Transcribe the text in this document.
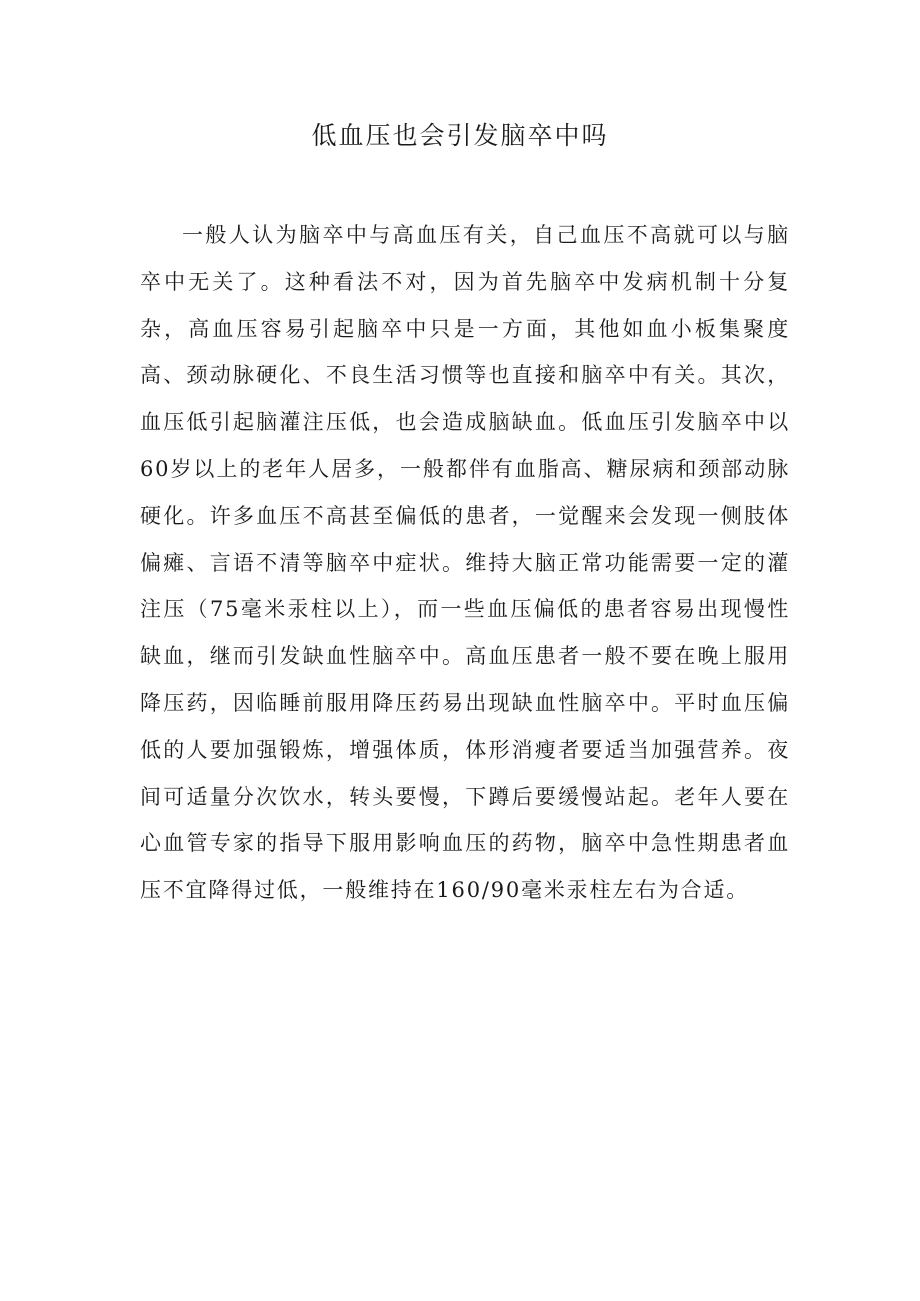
低血压也会引发脑卒中吗

一般人认为脑卒中与高血压有关，自己血压不高就可以与脑卒中无关了。这种看法不对，因为首先脑卒中发病机制十分复杂，高血压容易引起脑卒中只是一方面，其他如血小板集聚度高、颈动脉硬化、不良生活习惯等也直接和脑卒中有关。其次，血压低引起脑灌注压低，也会造成脑缺血。低血压引发脑卒中以60岁以上的老年人居多，一般都伴有血脂高、糖尿病和颈部动脉硬化。许多血压不高甚至偏低的患者，一觉醒来会发现一侧肢体偏瘫、言语不清等脑卒中症状。维持大脑正常功能需要一定的灌注压（75毫米汞柱以上），而一些血压偏低的患者容易出现慢性缺血，继而引发缺血性脑卒中。高血压患者一般不要在晚上服用降压药，因临睡前服用降压药易出现缺血性脑卒中。平时血压偏低的人要加强锻炼，增强体质，体形消瘦者要适当加强营养。夜间可适量分次饮水，转头要慢，下蹲后要缓慢站起。老年人要在心血管专家的指导下服用影响血压的药物，脑卒中急性期患者血压不宜降得过低，一般维持在160/90毫米汞柱左右为合适。
